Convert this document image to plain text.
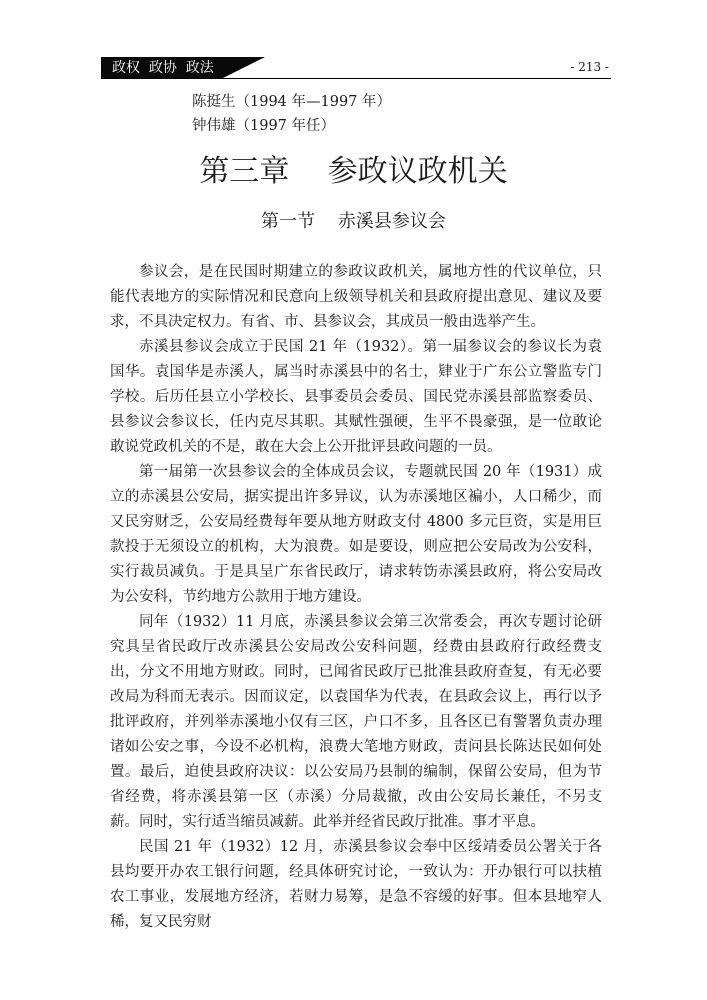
政权  政协  政法	- 213 -
陈挺生（1994 年—1997 年）
钟伟雄（1997 年任）
第三章    参政议政机关
第一节    赤溪县参议会

参议会，是在民国时期建立的参政议政机关，属地方性的代议单位，只能代表地方的实际情况和民意向上级领导机关和县政府提出意见、建议及要求，不具决定权力。有省、市、县参议会，其成员一般由选举产生。

赤溪县参议会成立于民国 21 年（1932）。第一届参议会的参议长为袁国华。袁国华是赤溪人，属当时赤溪县中的名士，肄业于广东公立警监专门学校。后历任县立小学校长、县事委员会委员、国民党赤溪县部监察委员、县参议会参议长，任内克尽其职。其赋性强硬，生平不畏豪强，是一位敢论敢说党政机关的不是，敢在大会上公开批评县政问题的一员。

第一届第一次县参议会的全体成员会议，专题就民国 20 年（1931）成立的赤溪县公安局，据实提出许多异议，认为赤溪地区褊小，人口稀少，而又民穷财乏，公安局经费每年要从地方财政支付 4800 多元巨资，实是用巨款投于无须设立的机构，大为浪费。如是要设，则应把公安局改为公安科，实行裁员减负。于是具呈广东省民政厅，请求转饬赤溪县政府，将公安局改为公安科，节约地方公款用于地方建设。

同年（1932）11 月底，赤溪县参议会第三次常委会，再次专题讨论研究具呈省民政厅改赤溪县公安局改公安科问题，经费由县政府行政经费支出，分文不用地方财政。同时，已闻省民政厅已批准县政府查复，有无必要改局为科而无表示。因而议定，以袁国华为代表，在县政会议上，再行以予批评政府，并列举赤溪地小仅有三区，户口不多，且各区已有警署负责办理诸如公安之事，今设不必机构，浪费大笔地方财政，责问县长陈达民如何处置。最后，迫使县政府决议：以公安局乃县制的编制，保留公安局，但为节省经费，将赤溪县第一区（赤溪）分局裁撤，改由公安局长兼任，不另支薪。同时，实行适当缩员减薪。此举并经省民政厅批准。事才平息。

民国 21 年（1932）12 月，赤溪县参议会奉中区绥靖委员公署关于各县均要开办农工银行问题，经具体研究讨论，一致认为：开办银行可以扶植农工事业，发展地方经济，若财力易筹，是急不容缓的好事。但本县地窄人稀，复又民穷财
